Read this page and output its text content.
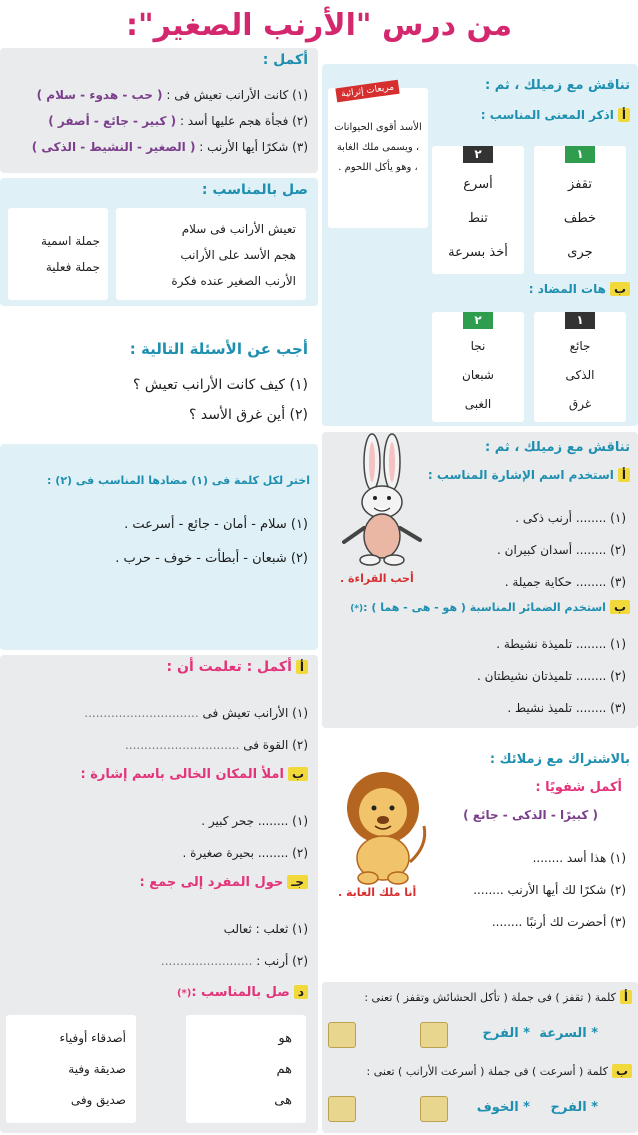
من درس "الأرنب الصغير":
أكمل :
(١) كانت الأرانب تعيش فى : ( حب - هدوء - سلام )
(٢) فجأة هجم عليها أسد : ( كبير - جائع - أصفر )
(٣) شكرًا أيها الأرنب : ( الصغير - النشيط - الذكى )
صل بالمناسب :
تعيش الأرانب فى سلام
هجم الأسد على الأرانب
الأرنب الصغير عنده فكرة
جملة اسمية
جملة فعلية
أجب عن الأسئلة التالية :
(١) كيف كانت الأرانب تعيش ؟
(٢) أين غرق الأسد ؟
اختر لكل كلمة فى (١) مضادها المناسب فى (٢) :
(١) سلام - أمان - جائع - أسرعت .
(٢) شبعان - أبطأت - خوف - حرب .
أأكمل : تعلمت أن :
(١) الأرانب تعيش فى ..............................
(٢) القوة فى ..............................
باملأ المكان الخالى باسم إشارة :
(١) ........ جحر كبير .
(٢) ........ بحيرة صغيرة .
جـحول المفرد إلى جمع :
(١) ثعلب : ثعالب
(٢) أرنب : ........................
دصل بالمناسب :(*)
هو
هم
هى
أصدقاء أوفياء
صديقة وفية
صديق وفى
تناقش مع زميلك ، ثم :
أاذكر المعنى المناسب :
١
تقفز
خطف
جرى
٢
أسرع
تنط
أخذ بسرعة
مربعات إثرائية
الأسد أقوى الحيوانات ، ويسمى ملك الغابة ، وهو يأكل اللحوم .
بهات المضاد :
١
جائع
الذكى
غرق
٢
نجا
شبعان
الغبى
تناقش مع زميلك ، ثم :
أاستخدم اسم الإشارة المناسب :
(١) ........ أرنب ذكى .
(٢) ........ أسدان كبيران .
(٣) ........ حكاية جميلة .
أحب القراءة .
باستخدم الضمائر المناسبة ( هو - هى - هما ) :(*)
(١) ........ تلميذة نشيطة .
(٢) ........ تلميذتان نشيطتان .
(٣) ........ تلميذ نشيط .
بالاشتراك مع زملائك :
أكمل شفويًا :
( كبيرًا - الذكى - جائع )
(١) هذا أسد ........
(٢) شكرًا لك أيها الأرنب ........
(٣) أحضرت لك أرنبًا ........
أنا ملك الغابة .
أكلمة ( تقفز ) فى جملة ( تأكل الحشائش وتقفز ) تعنى :
* السرعة
* الفرح
بكلمة ( أسرعت ) فى جملة ( أسرعت الأرانب ) تعنى :
* الفرح
* الخوف
